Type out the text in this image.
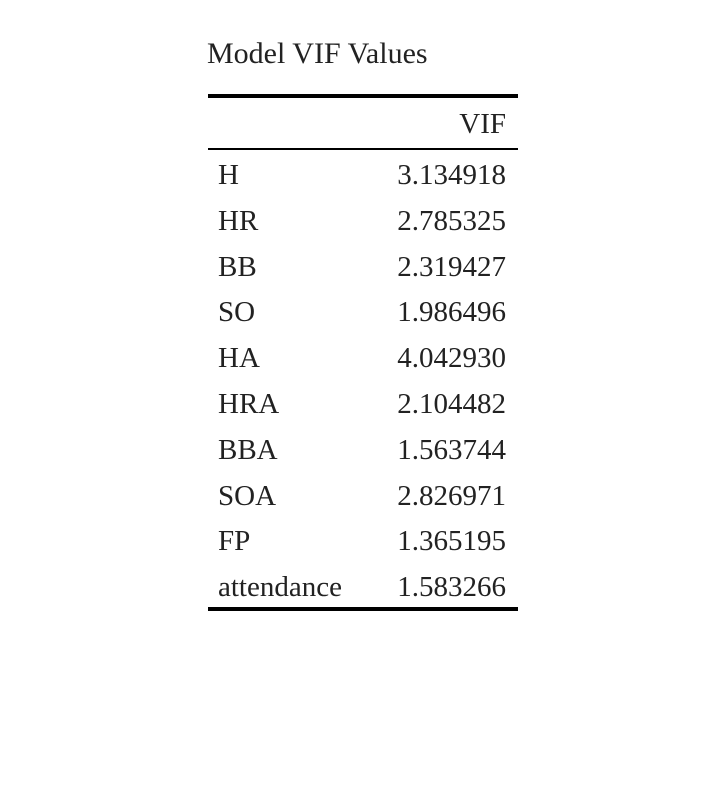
Model VIF Values
VIF
H	3.134918
HR	2.785325
BB	2.319427
SO	1.986496
HA	4.042930
HRA	2.104482
BBA	1.563744
SOA	2.826971
FP	1.365195
attendance 1.583266
